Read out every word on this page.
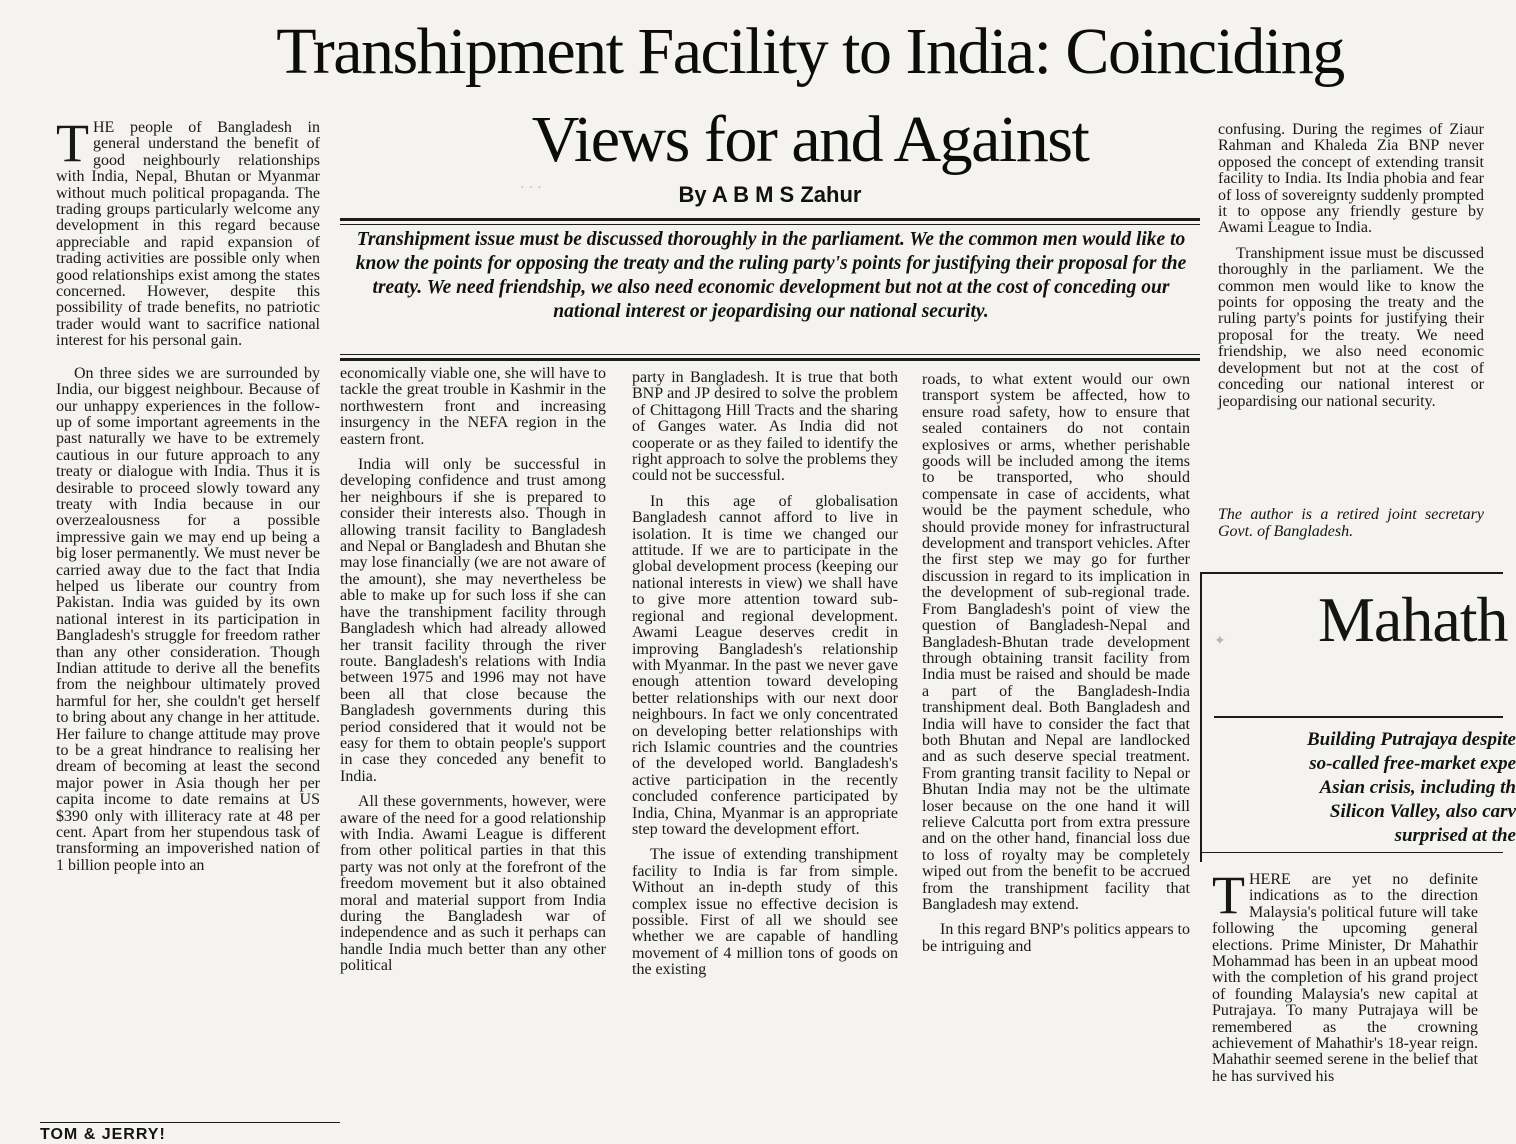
Transhipment Facility to India: Coinciding
Views for and Against
· · ·	By A B M S Zahur
Transhipment issue must be discussed thoroughly in the parliament. We the common men would like to know the points for opposing the treaty and the ruling party's points for justifying their proposal for the treaty. We need friendship, we also need economic development but not at the cost of conceding our national interest or jeopardising our national security.

THE people of Bangladesh in general understand the benefit of good neighbourly relationships with India, Nepal, Bhutan or Myanmar without much political propaganda. The trading groups particularly welcome any development in this regard because appreciable and rapid expansion of trading activities are possible only when good relationships exist among the states concerned. However, despite this possibility of trade benefits, no patriotic trader would want to sacrifice national interest for his personal gain.

On three sides we are surrounded by India, our biggest neighbour. Because of our unhappy experiences in the follow-up of some important agreements in the past naturally we have to be extremely cautious in our future approach to any treaty or dialogue with India. Thus it is desirable to proceed slowly toward any treaty with India because in our overzealousness for a possible impressive gain we may end up being a big loser permanently. We must never be carried away due to the fact that India helped us liberate our country from Pakistan. India was guided by its own national interest in its participation in Bangladesh's struggle for freedom rather than any other consideration. Though Indian attitude to derive all the benefits from the neighbour ultimately proved harmful for her, she couldn't get herself to bring about any change in her attitude. Her failure to change attitude may prove to be a great hindrance to realising her dream of becoming at least the second major power in Asia though her per capita income to date remains at US $390 only with illiteracy rate at 48 per cent. Apart from her stupendous task of transforming an impoverished nation of 1 billion people into an

economically viable one, she will have to tackle the great trouble in Kashmir in the northwestern front and increasing insurgency in the NEFA region in the eastern front.

India will only be successful in developing confidence and trust among her neighbours if she is prepared to consider their interests also. Though in allowing transit facility to Bangladesh and Nepal or Bangladesh and Bhutan she may lose financially (we are not aware of the amount), she may nevertheless be able to make up for such loss if she can have the transhipment facility through Bangladesh which had already allowed her transit facility through the river route. Bangladesh's relations with India between 1975 and 1996 may not have been all that close because the Bangladesh governments during this period considered that it would not be easy for them to obtain people's support in case they conceded any benefit to India.

All these governments, however, were aware of the need for a good relationship with India. Awami League is different from other political parties in that this party was not only at the forefront of the freedom movement but it also obtained moral and material support from India during the Bangladesh war of independence and as such it perhaps can handle India much better than any other political

party in Bangladesh. It is true that both BNP and JP desired to solve the problem of Chittagong Hill Tracts and the sharing of Ganges water. As India did not cooperate or as they failed to identify the right approach to solve the problems they could not be successful.

In this age of globalisation Bangladesh cannot afford to live in isolation. It is time we changed our attitude. If we are to participate in the global development process (keeping our national interests in view) we shall have to give more attention toward sub-regional and regional development. Awami League deserves credit in improving Bangladesh's relationship with Myanmar. In the past we never gave enough attention toward developing better relationships with our next door neighbours. In fact we only concentrated on developing better relationships with rich Islamic countries and the countries of the developed world. Bangladesh's active participation in the recently concluded conference participated by India, China, Myanmar is an appropriate step toward the development effort.

The issue of extending transhipment facility to India is far from simple. Without an in-depth study of this complex issue no effective decision is possible. First of all we should see whether we are capable of handling movement of 4 million tons of goods on the existing

roads, to what extent would our own transport system be affected, how to ensure road safety, how to ensure that sealed containers do not contain explosives or arms, whether perishable goods will be included among the items to be transported, who should compensate in case of accidents, what would be the payment schedule, who should provide money for infrastructural development and transport vehicles. After the first step we may go for further discussion in regard to its implication in the development of sub-regional trade. From Bangladesh's point of view the question of Bangladesh-Nepal and Bangladesh-Bhutan trade development through obtaining transit facility from India must be raised and should be made a part of the Bangladesh-India transhipment deal. Both Bangladesh and India will have to consider the fact that both Bhutan and Nepal are landlocked and as such deserve special treatment. From granting transit facility to Nepal or Bhutan India may not be the ultimate loser because on the one hand it will relieve Calcutta port from extra pressure and on the other hand, financial loss due to loss of royalty may be completely wiped out from the benefit to be accrued from the transhipment facility that Bangladesh may extend.

In this regard BNP's politics appears to be intriguing and

confusing. During the regimes of Ziaur Rahman and Khaleda Zia BNP never opposed the concept of extending transit facility to India. Its India phobia and fear of loss of sovereignty suddenly prompted it to oppose any friendly gesture by Awami League to India.

Transhipment issue must be discussed thoroughly in the parliament. We the common men would like to know the points for opposing the treaty and the ruling party's points for justifying their proposal for the treaty. We need friendship, we also need economic development but not at the cost of conceding our national interest or jeopardising our national security.

The author is a retired joint secretary Govt. of Bangladesh.
✦ Mahath
Building Putrajaya despite
so-called free-market expe
Asian crisis, including th
Silicon Valley, also carv
surprised at the

THERE are yet no definite indications as to the direction Malaysia's political future will take following the upcoming general elections. Prime Minister, Dr Mahathir Mohammad has been in an upbeat mood with the completion of his grand project of founding Malaysia's new capital at Putrajaya. To many Putrajaya will be remembered as the crowning achievement of Mahathir's 18-year reign. Mahathir seemed serene in the belief that he has survived his

TOM & JERRY!
